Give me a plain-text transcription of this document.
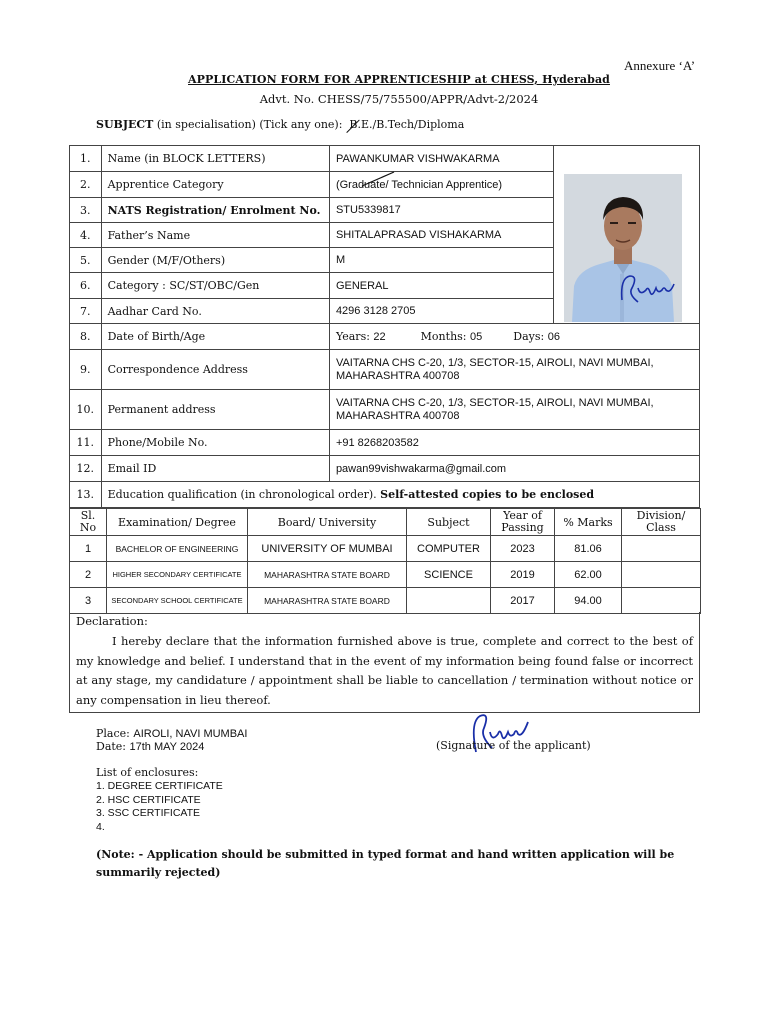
Annexure ‘A’
APPLICATION FORM FOR APPRENTICESHIP at CHESS, Hyderabad
Advt. No. CHESS/75/755500/APPR/Advt-2/2024
SUBJECT (in specialisation) (Tick any one):  B.E./B.Tech/Diploma
1.	Name (in BLOCK LETTERS)	PAWANKUMAR VISHWAKARMA	

2.	Apprentice Category	(Graduate/ Technician Apprentice)	

3.	NATS Registration/ Enrolment No.	STU5339817	
4.	Father’s Name	SHITALAPRASAD VISHAKARMA	
5.	Gender (M/F/Others)	M	
6.	Category : SC/ST/OBC/Gen	GENERAL	
7.	Aadhar Card No.	4296 3128 2705	
8.	Date of Birth/Age	Years: 22 Months: 05 Days: 06	
9.	Correspondence Address	VAITARNA CHS C-20, 1/3, SECTOR-15, AIROLI, NAVI MUMBAI, MAHARASHTRA 400708	
10.	Permanent address	VAITARNA CHS C-20, 1/3, SECTOR-15, AIROLI, NAVI MUMBAI, MAHARASHTRA 400708	
11.	Phone/Mobile No.	+91 8268203582	
12.	Email ID	pawan99vishwakarma@gmail.com	
13.	Education qualification (in chronological order). Self-attested copies to be enclosed		
Sl. No	Examination/ Degree	Board/ University	Subject	Year of Passing	% Marks	Division/ Class
1	BACHELOR OF ENGINEERING	UNIVERSITY OF MUMBAI	COMPUTER	2023	81.06	
2	HIGHER SECONDARY CERTIFICATE	MAHARASHTRA STATE BOARD	SCIENCE	2019	62.00	
3	SECONDARY SCHOOL CERTIFICATE	MAHARASHTRA STATE BOARD		2017	94.00	
Declaration:
I hereby declare that the information furnished above is true, complete and correct to the best of my knowledge and belief. I understand that in the event of my information being found false or incorrect at any stage, my candidature / appointment shall be liable to cancellation / termination without notice or any compensation in lieu thereof.
Place: AIROLI, NAVI MUMBAI
Date: 17th MAY 2024	(Signature of the applicant)
List of enclosures:
1. DEGREE CERTIFICATE
2. HSC CERTIFICATE
3. SSC CERTIFICATE
4.
(Note: - Application should be submitted in typed format and hand written application will be summarily rejected)
